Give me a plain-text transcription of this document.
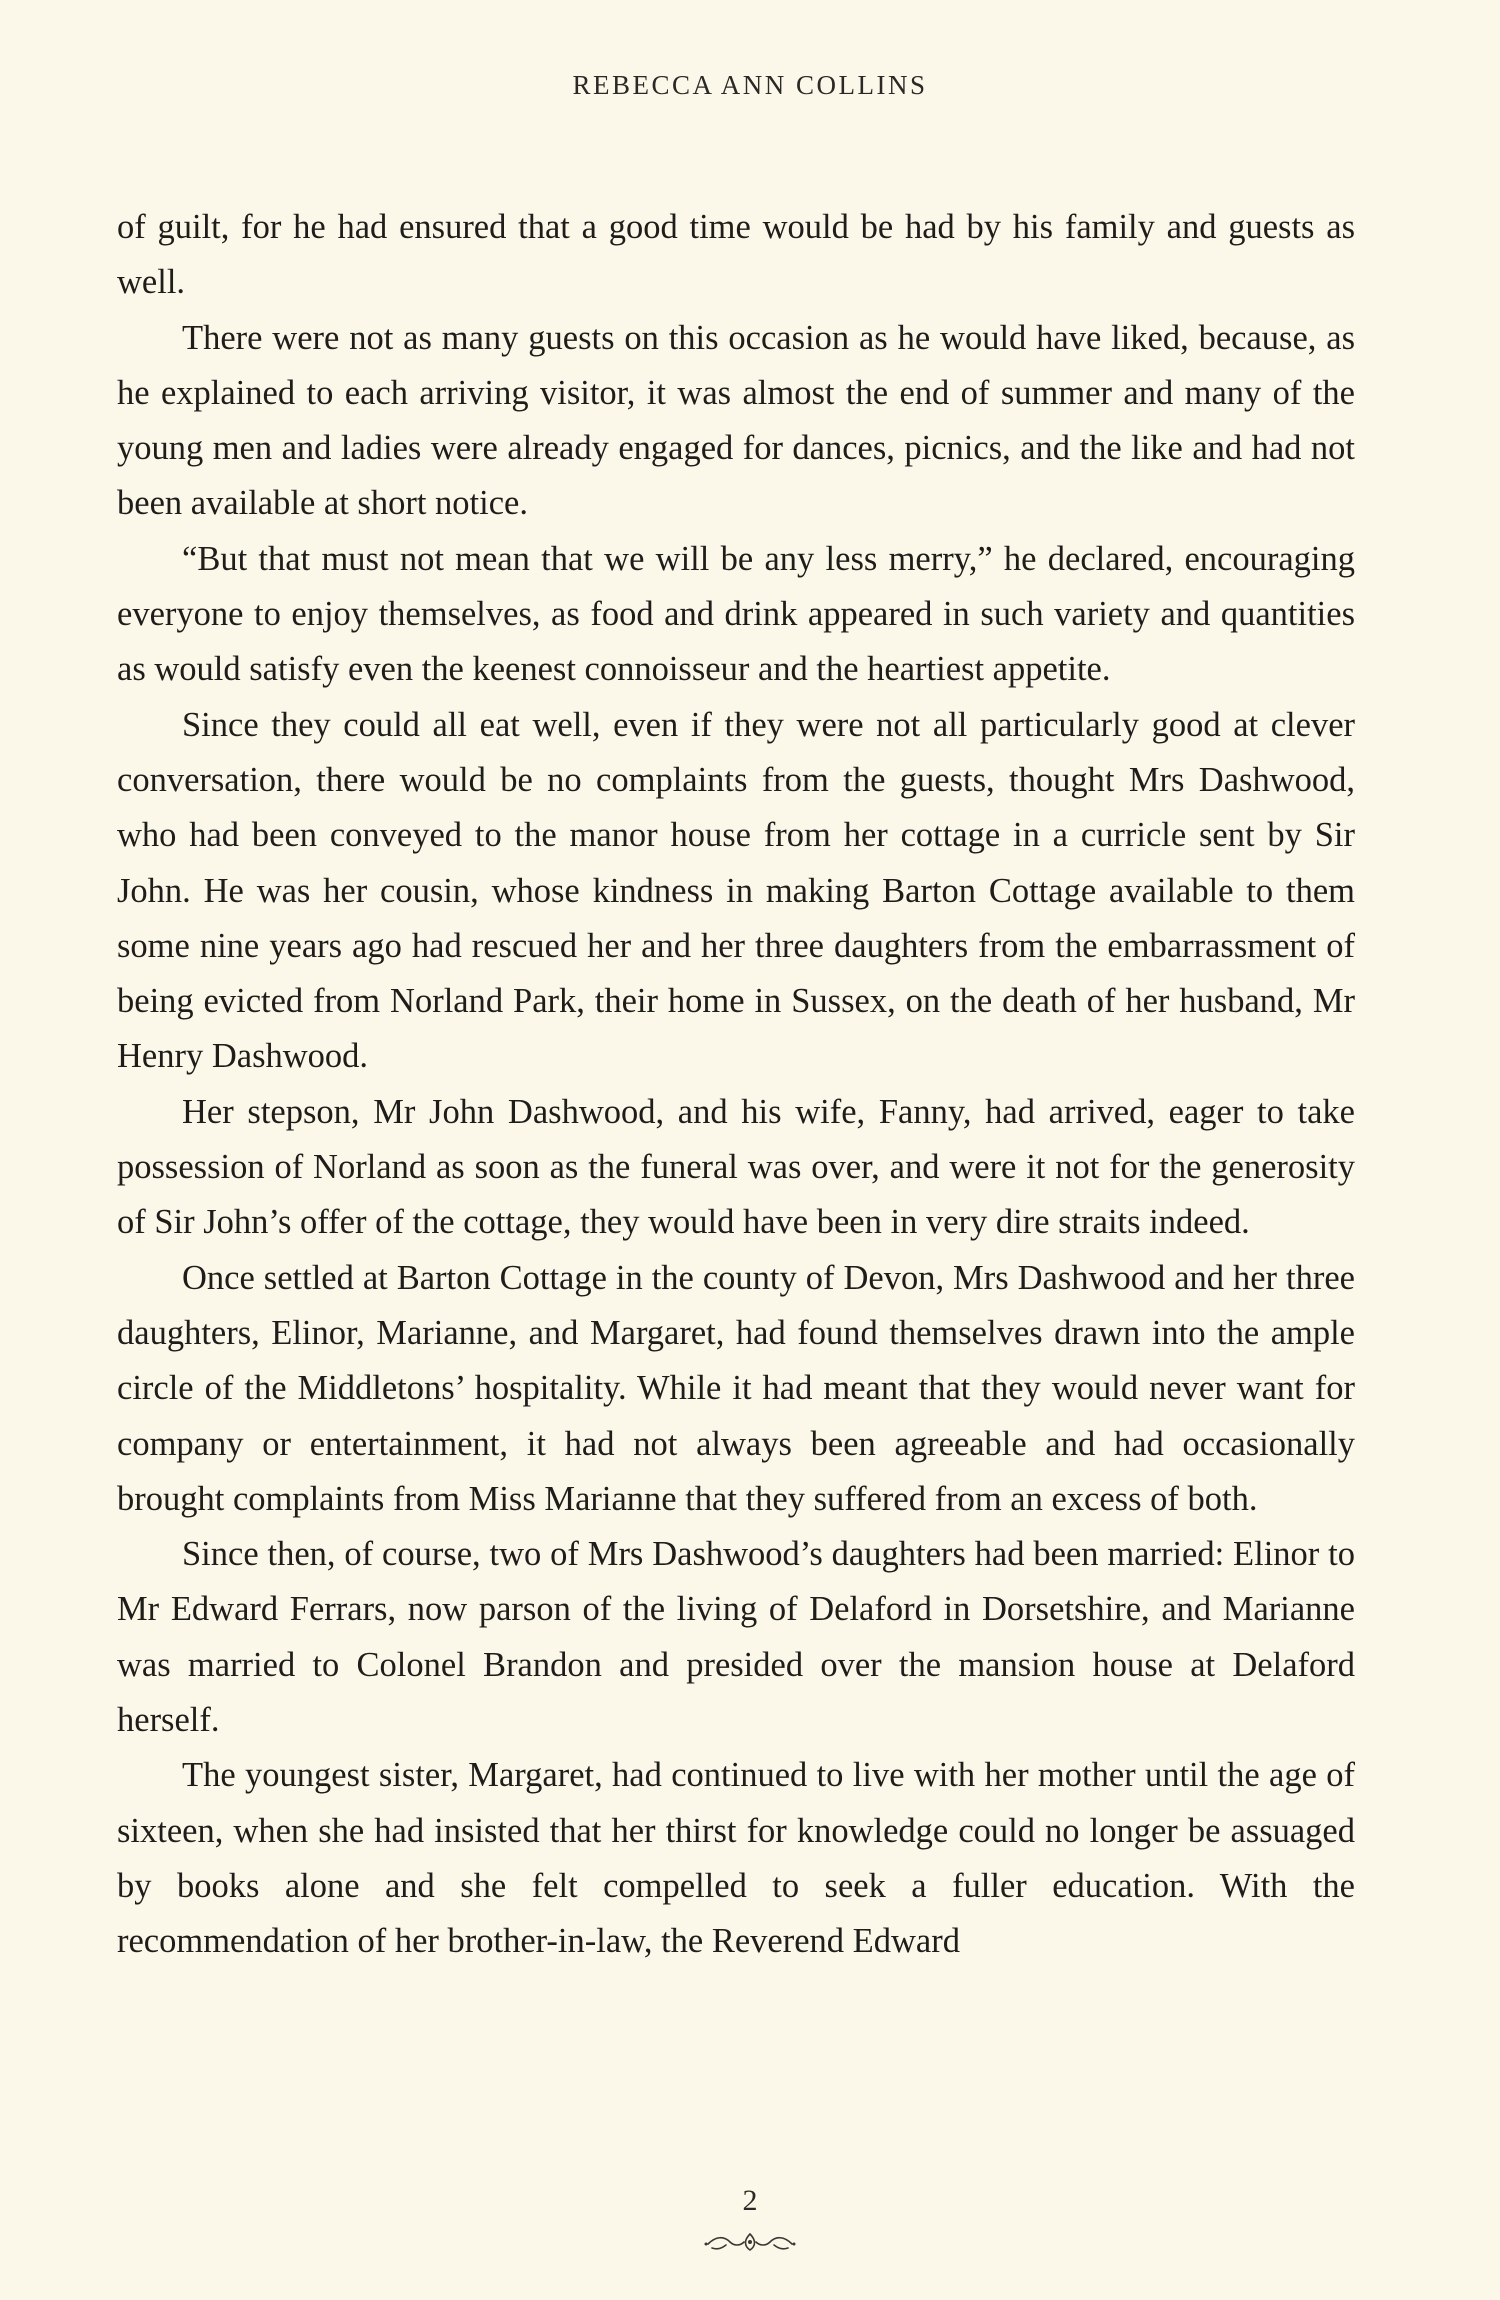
REBECCA ANN COLLINS

of guilt, for he had ensured that a good time would be had by his family and guests as well.

There were not as many guests on this occasion as he would have liked, because, as he explained to each arriving visitor, it was almost the end of summer and many of the young men and ladies were already engaged for dances, picnics, and the like and had not been available at short notice.

“But that must not mean that we will be any less merry,” he declared, encouraging everyone to enjoy themselves, as food and drink appeared in such variety and quantities as would satisfy even the keenest connoisseur and the heartiest appetite.

Since they could all eat well, even if they were not all particularly good at clever conversation, there would be no complaints from the guests, thought Mrs Dashwood, who had been conveyed to the manor house from her cottage in a curricle sent by Sir John. He was her cousin, whose kindness in making Barton Cottage available to them some nine years ago had rescued her and her three daughters from the embarrassment of being evicted from Norland Park, their home in Sussex, on the death of her husband, Mr Henry Dashwood.

Her stepson, Mr John Dashwood, and his wife, Fanny, had arrived, eager to take possession of Norland as soon as the funeral was over, and were it not for the generosity of Sir John’s offer of the cottage, they would have been in very dire straits indeed.

Once settled at Barton Cottage in the county of Devon, Mrs Dashwood and her three daughters, Elinor, Marianne, and Margaret, had found themselves drawn into the ample circle of the Middletons’ hospitality. While it had meant that they would never want for company or entertainment, it had not always been agreeable and had occasionally brought complaints from Miss Marianne that they suffered from an excess of both.

Since then, of course, two of Mrs Dashwood’s daughters had been married: Elinor to Mr Edward Ferrars, now parson of the living of Delaford in Dorsetshire, and Marianne was married to Colonel Brandon and presided over the mansion house at Delaford herself.

The youngest sister, Margaret, had continued to live with her mother until the age of sixteen, when she had insisted that her thirst for knowledge could no longer be assuaged by books alone and she felt compelled to seek a fuller education. With the recommendation of her brother-in-law, the Reverend Edward

2
